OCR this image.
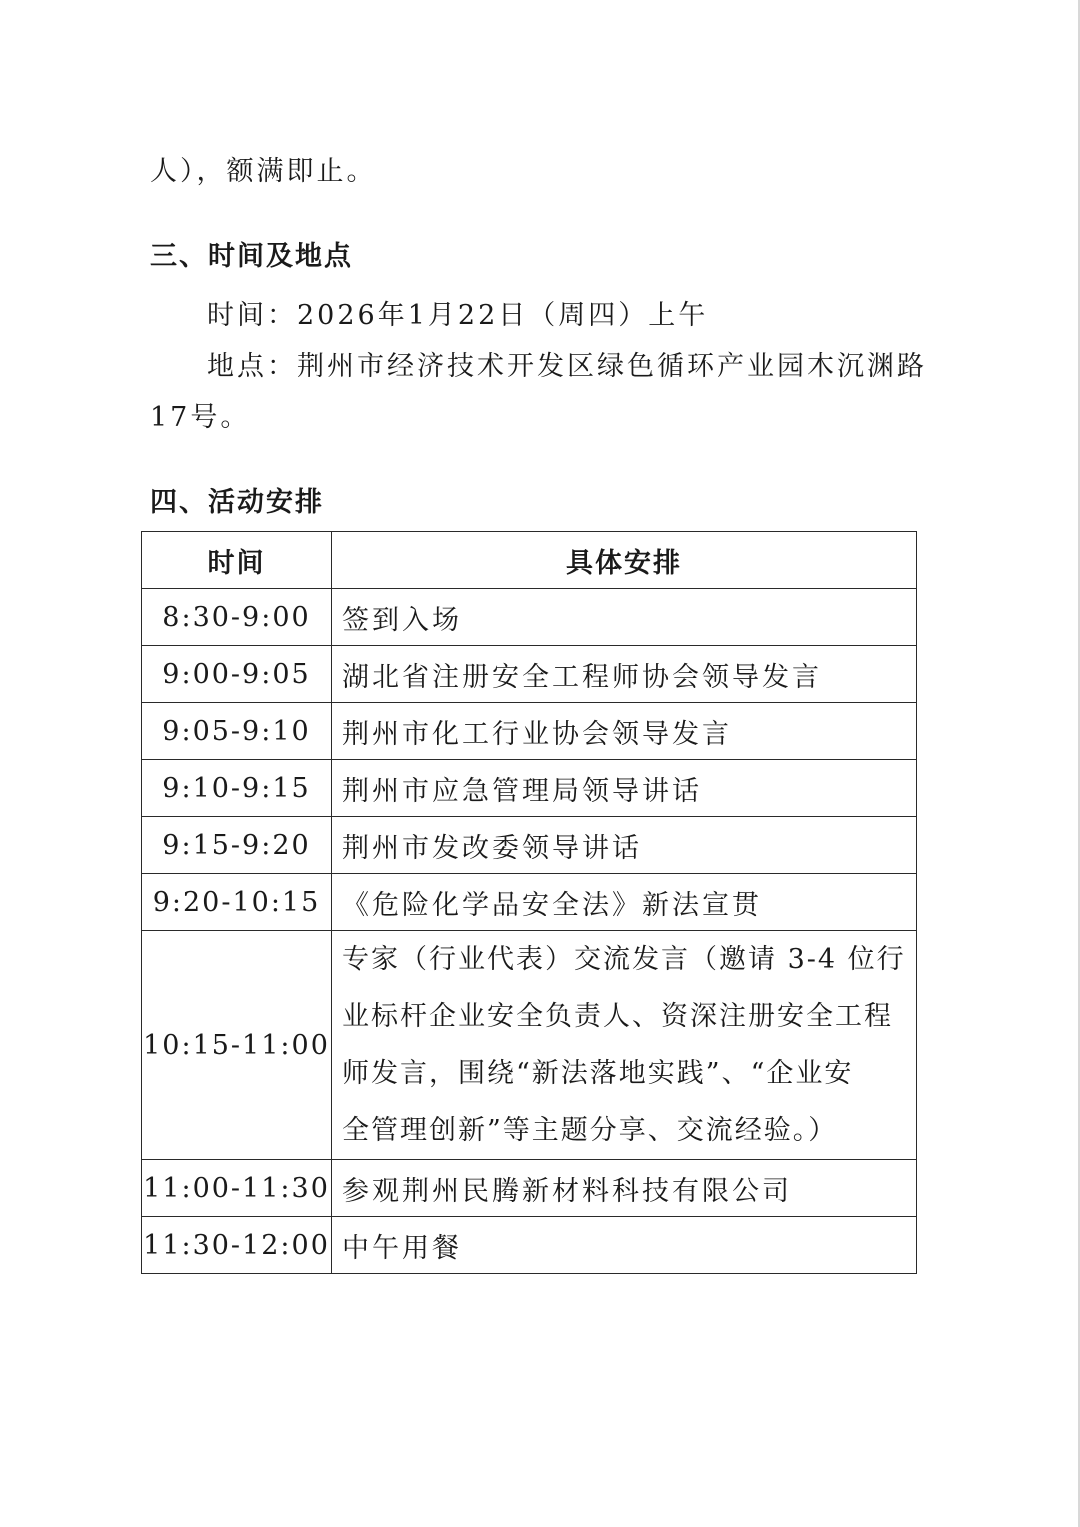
人），额满即止。
三、时间及地点
时间：2026年1月22日（周四）上午
地点：荆州市经济技术开发区绿色循环产业园木沉渊路
17号。
四、活动安排
时间	具体安排
8:30-9:00	签到入场
9:00-9:05	湖北省注册安全工程师协会领导发言
9:05-9:10	荆州市化工行业协会领导发言
9:10-9:15	荆州市应急管理局领导讲话
9:15-9:20	荆州市发改委领导讲话
9:20-10:15	《危险化学品安全法》新法宣贯
10:15-11:00	专家（行业代表）交流发言（邀请 3-4 位行
业标杆企业安全负责人、资深注册安全工程
师发言，围绕“新法落地实践”、“企业安
全管理创新”等主题分享、交流经验。）

11:00-11:30	参观荆州民腾新材料科技有限公司
11:30-12:00	中午用餐
